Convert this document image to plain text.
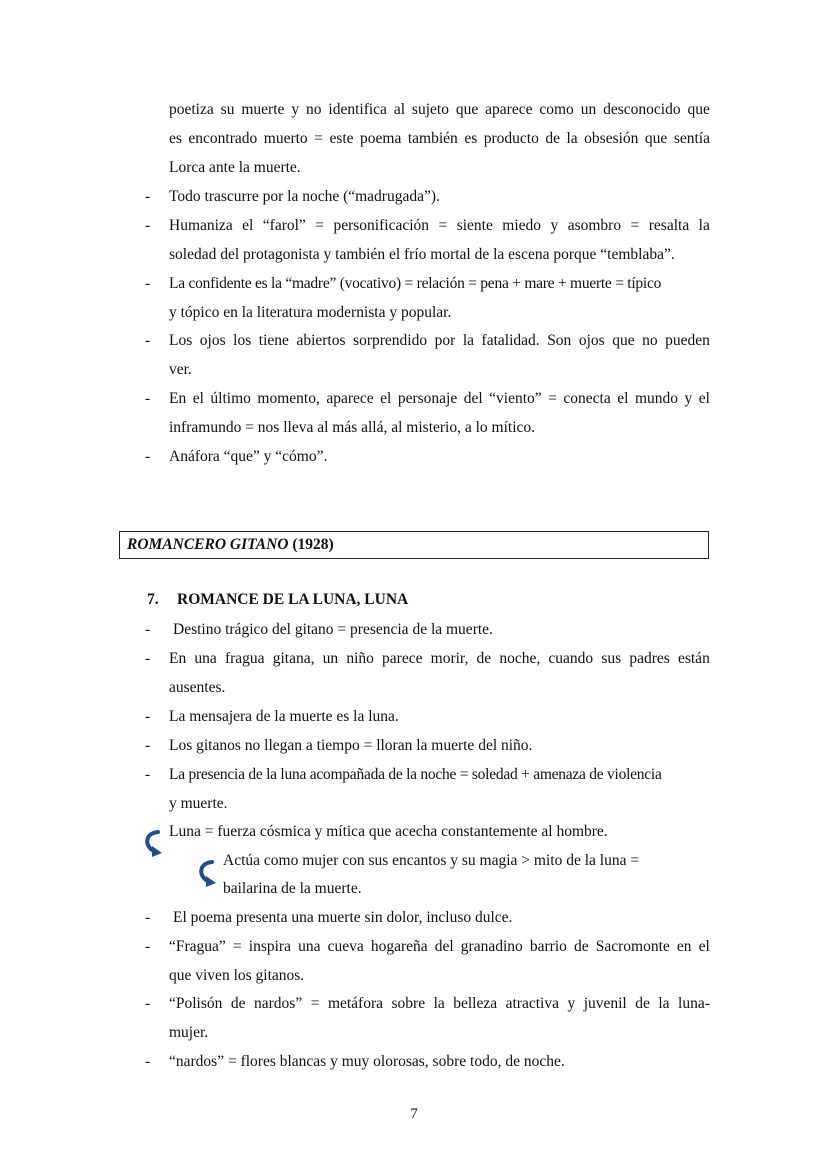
poetiza su muerte y no identifica al sujeto que aparece como un desconocido que
es encontrado muerto = este poema también es producto de la obsesión que sentía
Lorca ante la muerte.
- Todo trascurre por la noche (“madrugada”).
- Humaniza el “farol” = personificación = siente miedo y asombro = resalta la
soledad del protagonista y también el frío mortal de la escena porque “temblaba”.
- La confidente es la “madre” (vocativo) = relación = pena + mare + muerte = típico
y tópico en la literatura modernista y popular.
- Los ojos los tiene abiertos sorprendido por la fatalidad. Son ojos que no pueden
ver.
- En el último momento, aparece el personaje del “viento” = conecta el mundo y el
inframundo = nos lleva al más allá, al misterio, a lo mítico.
- Anáfora “que” y “cómo”.
ROMANCERO GITANO (1928)
7. ROMANCE DE LA LUNA, LUNA
- Destino trágico del gitano = presencia de la muerte.
- En una fragua gitana, un niño parece morir, de noche, cuando sus padres están
ausentes.
- La mensajera de la muerte es la luna.
- Los gitanos no llegan a tiempo = lloran la muerte del niño.
- La presencia de la luna acompañada de la noche = soledad + amenaza de violencia
y muerte.
Luna = fuerza cósmica y mítica que acecha constantemente al hombre.
Actúa como mujer con sus encantos y su magia > mito de la luna =
bailarina de la muerte.
- El poema presenta una muerte sin dolor, incluso dulce.
- “Fragua” = inspira una cueva hogareña del granadino barrio de Sacromonte en el
que viven los gitanos.
- “Polisón de nardos” = metáfora sobre la belleza atractiva y juvenil de la luna-
mujer.
- “nardos” = flores blancas y muy olorosas, sobre todo, de noche.
7
